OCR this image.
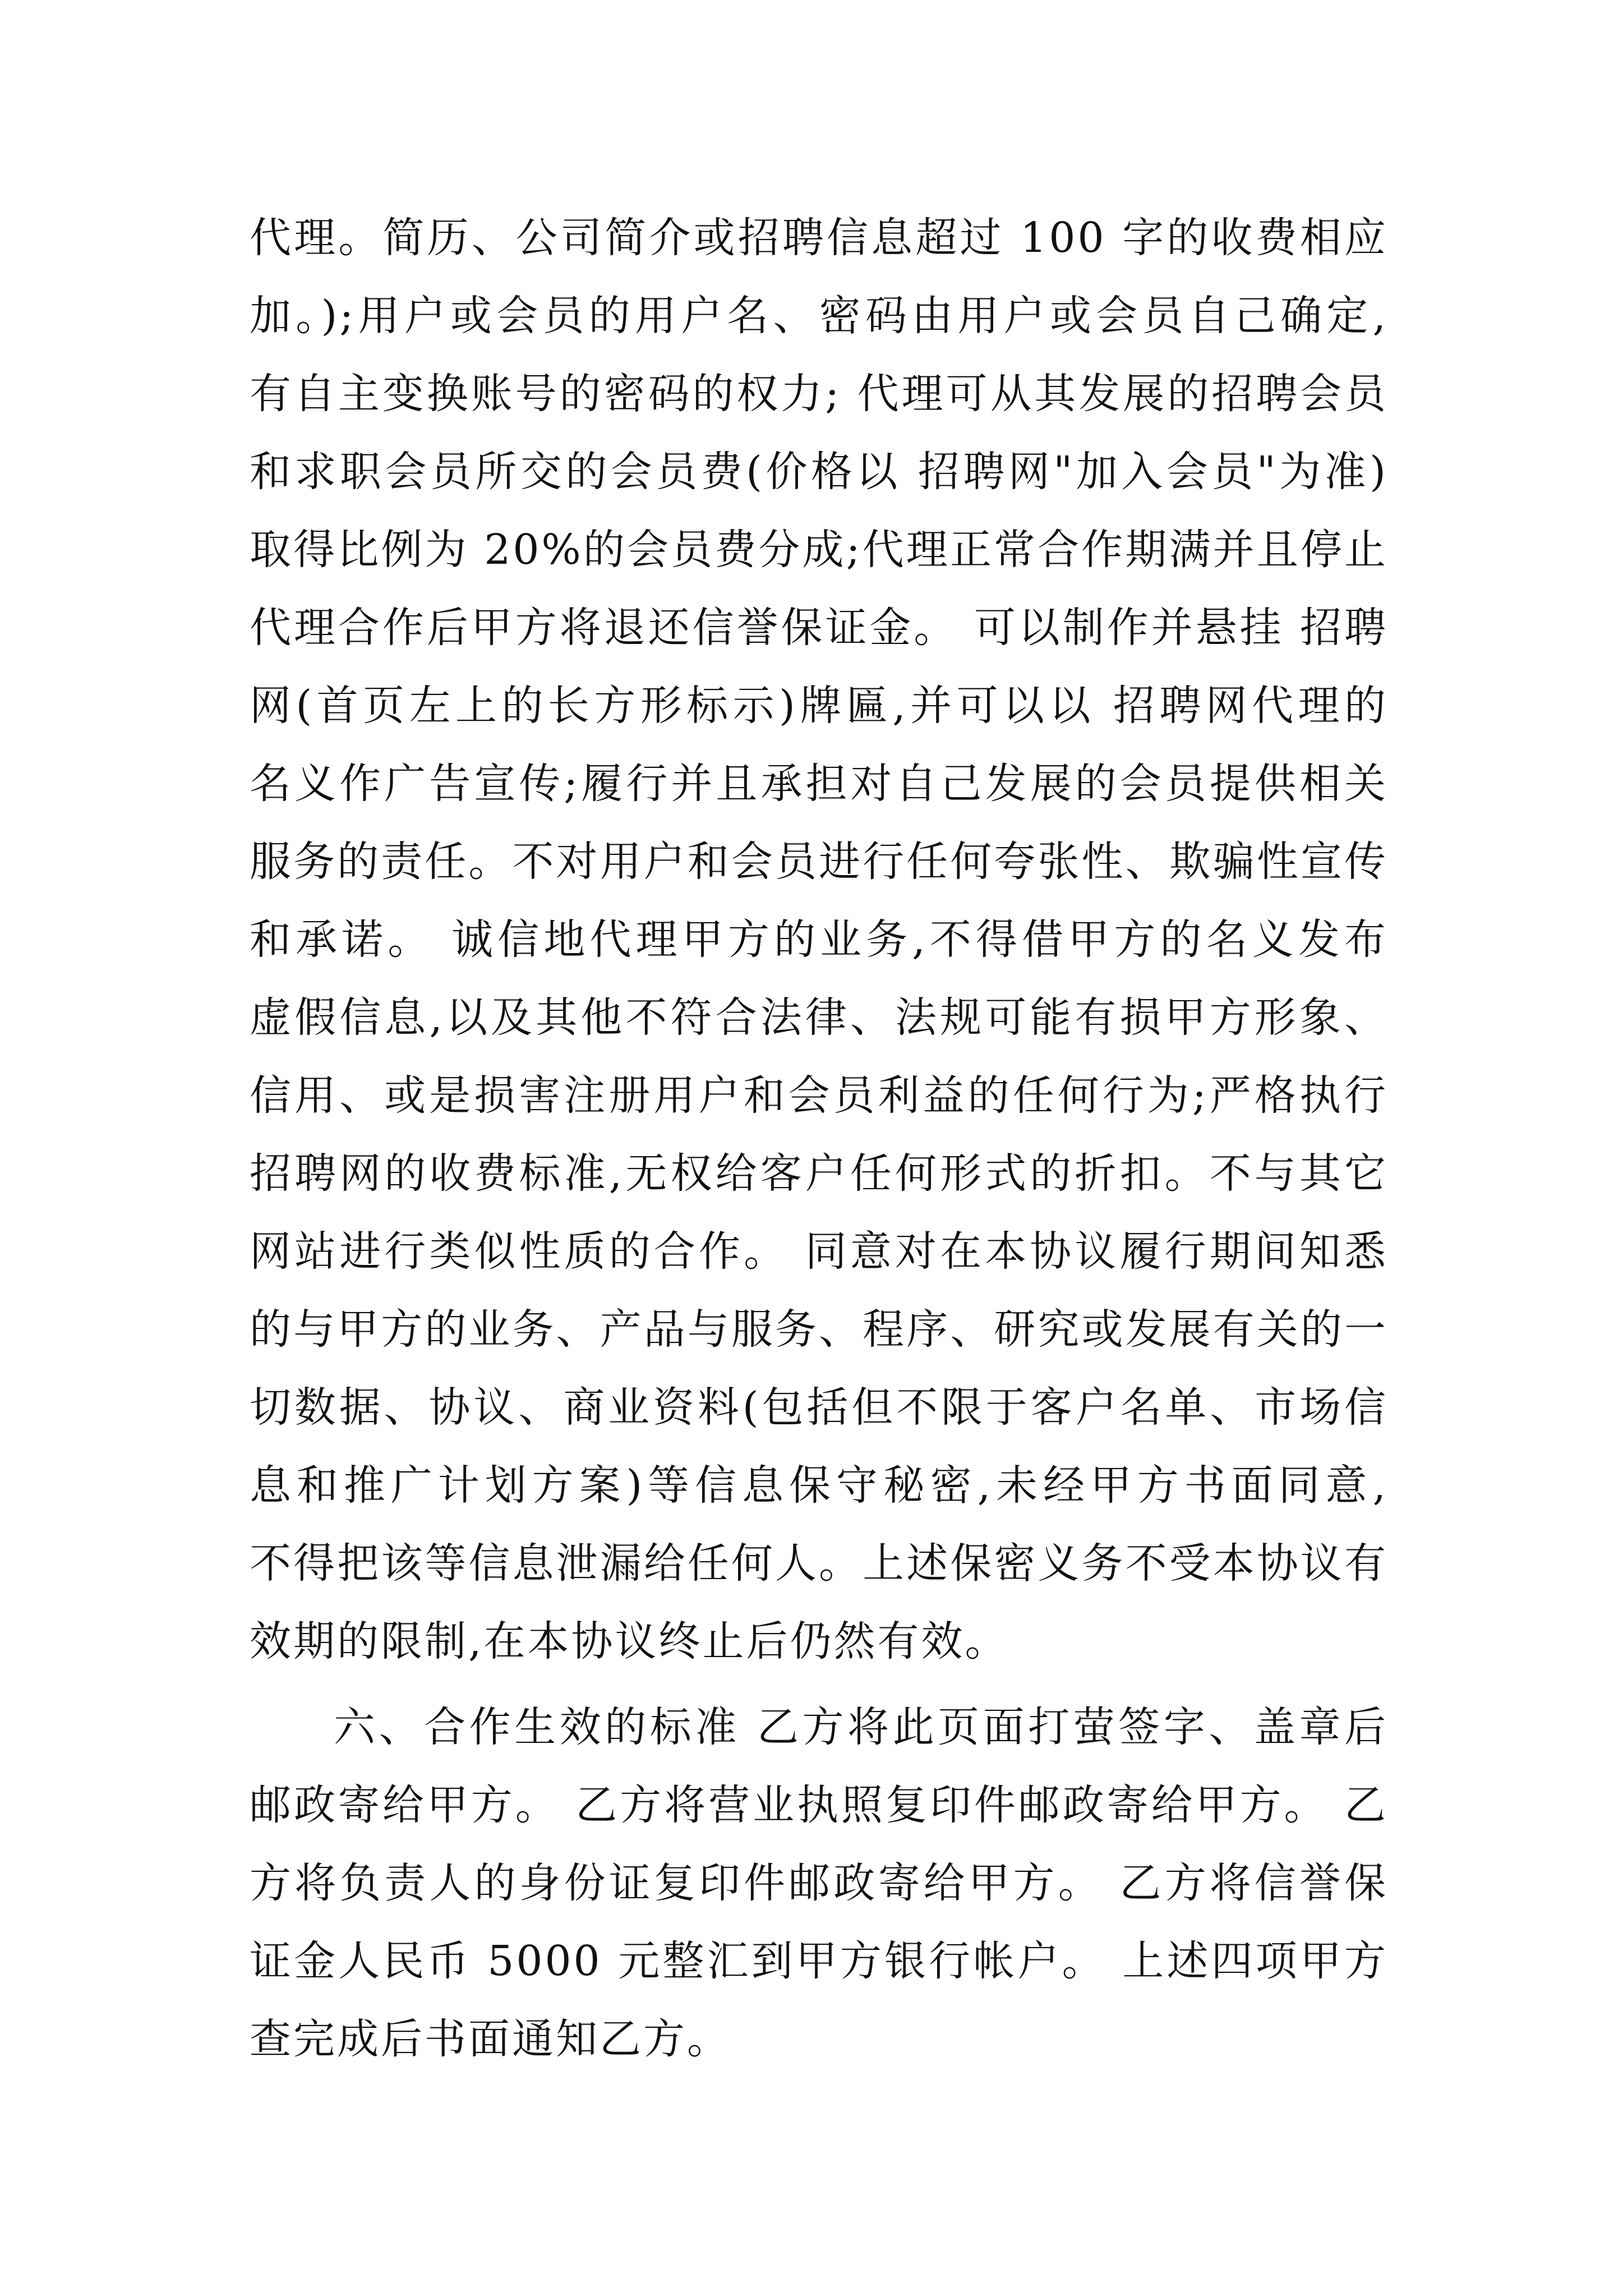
代理。简历、公司简介或招聘信息超过 100 字的收费相应
加。);用户或会员的用户名、密码由用户或会员自己确定,
有自主变换账号的密码的权力; 代理可从其发展的招聘会员
和求职会员所交的会员费(价格以 招聘网"加入会员"为准)
取得比例为 20%的会员费分成;代理正常合作期满并且停止
代理合作后甲方将退还信誉保证金。 可以制作并悬挂 招聘
网(首页左上的长方形标示)牌匾,并可以以 招聘网代理的
名义作广告宣传;履行并且承担对自己发展的会员提供相关
服务的责任。不对用户和会员进行任何夸张性、欺骗性宣传
和承诺。 诚信地代理甲方的业务,不得借甲方的名义发布
虚假信息,以及其他不符合法律、法规可能有损甲方形象、
信用、或是损害注册用户和会员利益的任何行为;严格执行
招聘网的收费标准,无权给客户任何形式的折扣。不与其它
网站进行类似性质的合作。 同意对在本协议履行期间知悉
的与甲方的业务、产品与服务、程序、研究或发展有关的一
切数据、协议、商业资料(包括但不限于客户名单、市场信
息和推广计划方案)等信息保守秘密,未经甲方书面同意,
不得把该等信息泄漏给任何人。上述保密义务不受本协议有
效期的限制,在本协议终止后仍然有效。
六、合作生效的标准 乙方将此页面打萤签字、盖章后
邮政寄给甲方。 乙方将营业执照复印件邮政寄给甲方。 乙
方将负责人的身份证复印件邮政寄给甲方。 乙方将信誉保
证金人民币 5000 元整汇到甲方银行帐户。 上述四项甲方
查完成后书面通知乙方。
